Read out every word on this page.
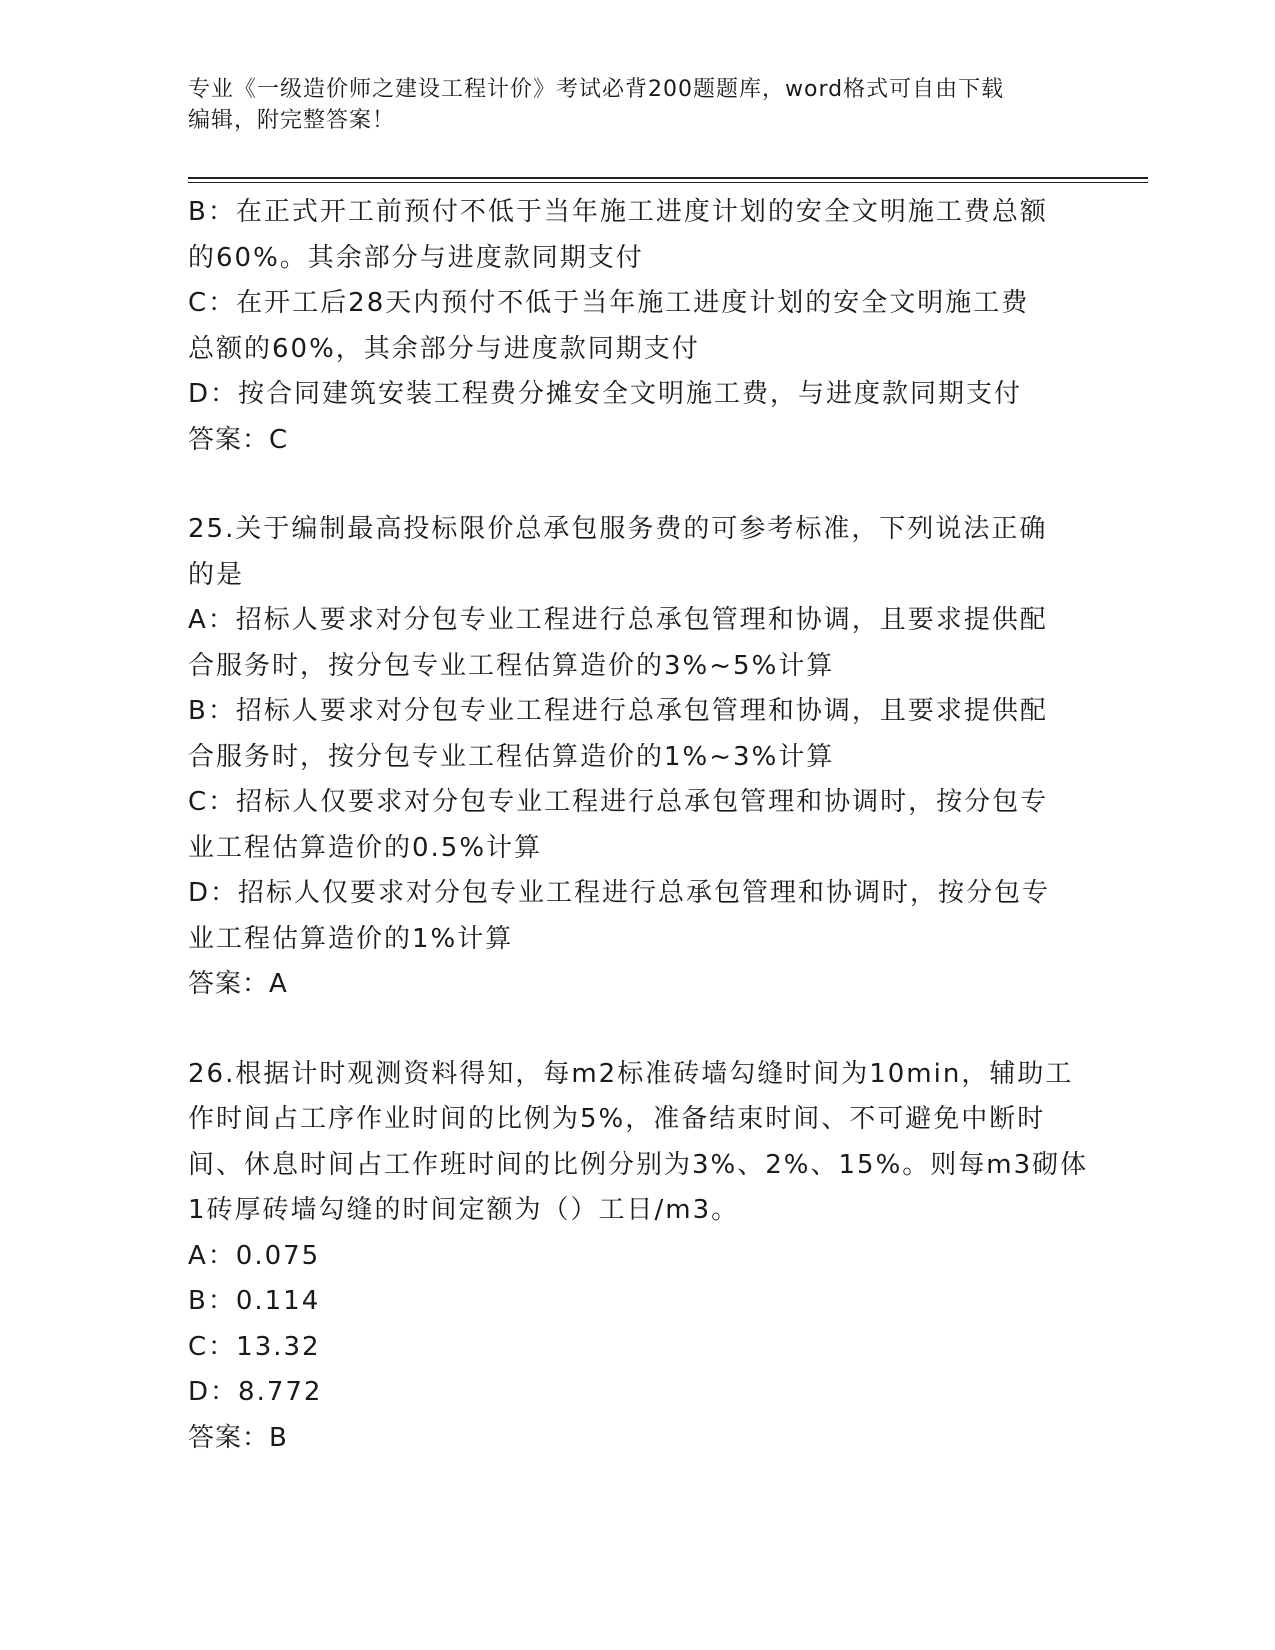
专业《一级造价师之建设工程计价》考试必背200题题库，word格式可自由下载
编辑，附完整答案！
B：在正式开工前预付不低于当年施工进度计划的安全文明施工费总额
的60%。其余部分与进度款同期支付
C：在开工后28天内预付不低于当年施工进度计划的安全文明施工费
总额的60%，其余部分与进度款同期支付
D：按合同建筑安装工程费分摊安全文明施工费，与进度款同期支付
答案：C
25.关于编制最高投标限价总承包服务费的可参考标准，下列说法正确
的是
A：招标人要求对分包专业工程进行总承包管理和协调，且要求提供配
合服务时，按分包专业工程估算造价的3%~5%计算
B：招标人要求对分包专业工程进行总承包管理和协调，且要求提供配
合服务时，按分包专业工程估算造价的1%~3%计算
C：招标人仅要求对分包专业工程进行总承包管理和协调时，按分包专
业工程估算造价的0.5%计算
D：招标人仅要求对分包专业工程进行总承包管理和协调时，按分包专
业工程估算造价的1%计算
答案：A
26.根据计时观测资料得知，每m2标准砖墙勾缝时间为10min，辅助工
作时间占工序作业时间的比例为5%，准备结束时间、不可避免中断时
间、休息时间占工作班时间的比例分别为3%、2%、15%。则每m3砌体
1砖厚砖墙勾缝的时间定额为（）工日/m3。
A：0.075
B：0.114
C：13.32
D：8.772
答案：B
